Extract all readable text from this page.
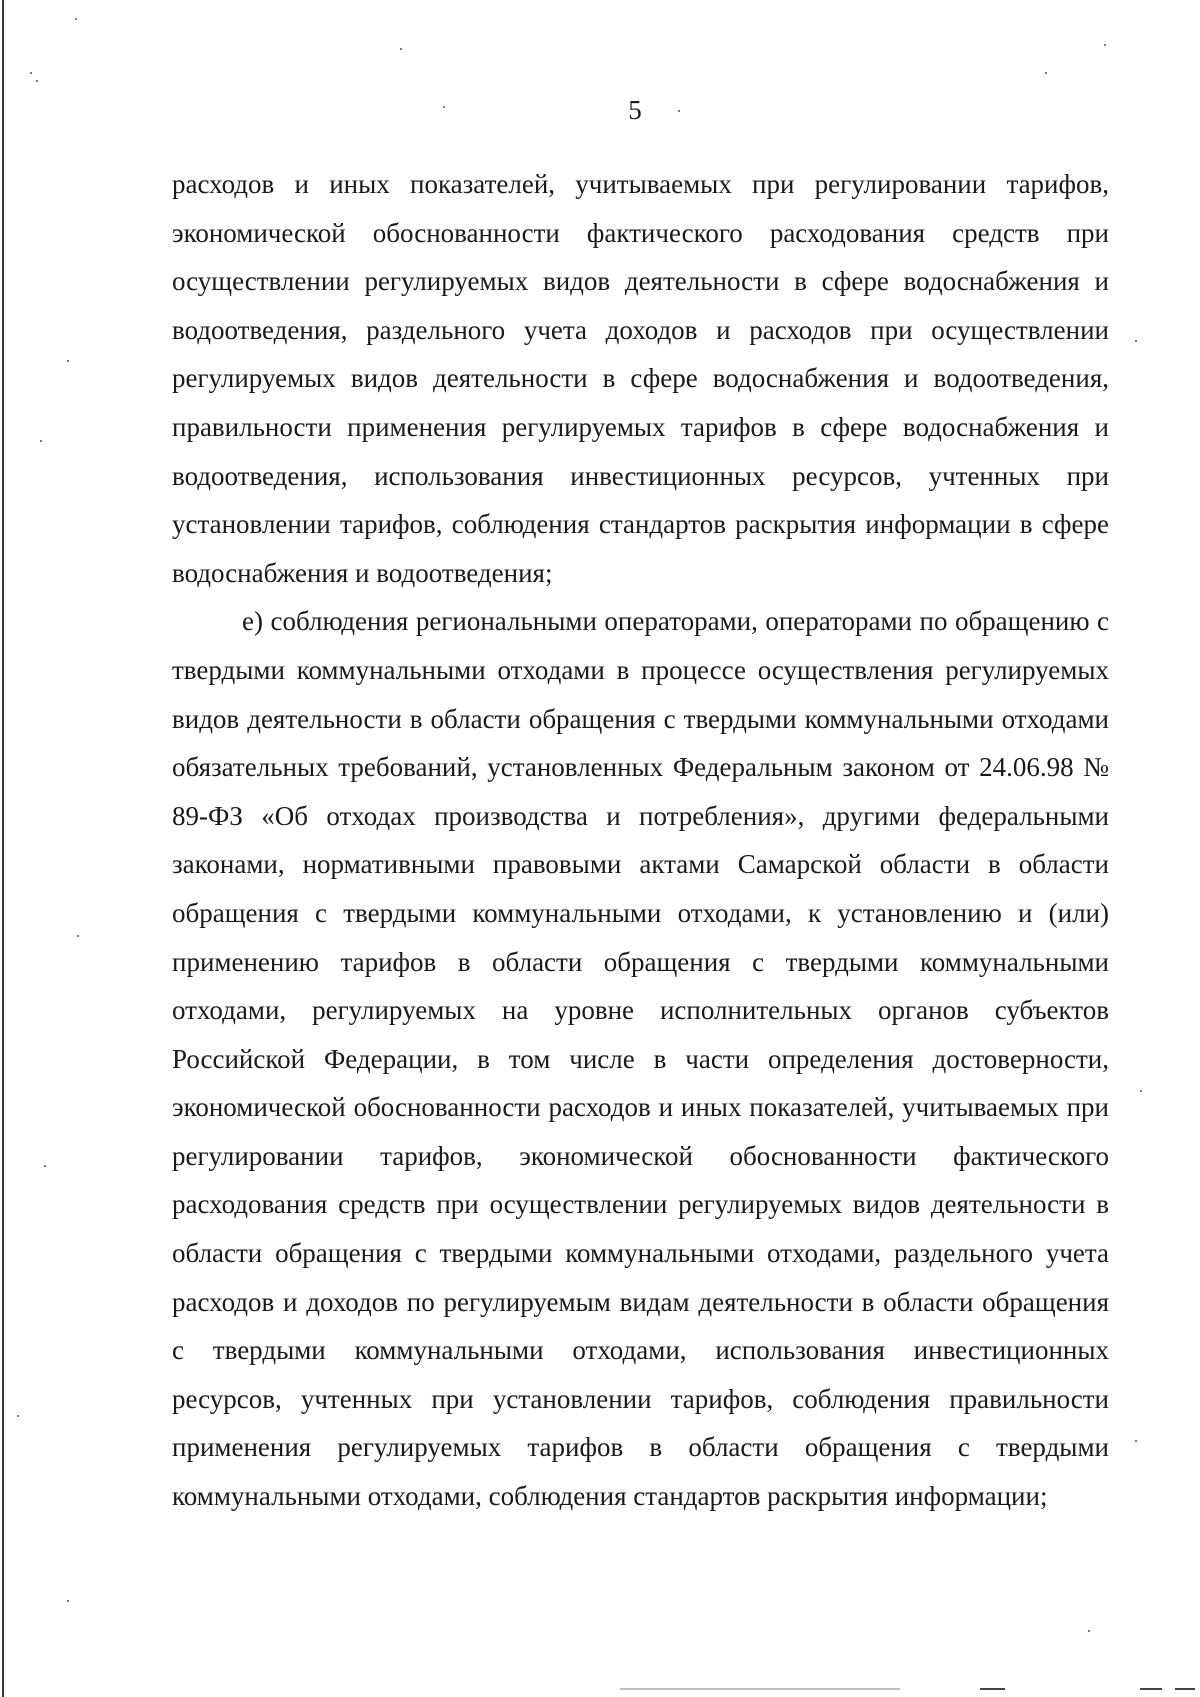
5

расходов и иных показателей, учитываемых при регулировании тарифов, экономической обоснованности фактического расходования средств при осуществлении регулируемых видов деятельности в сфере водоснабжения и водоотведения, раздельного учета доходов и расходов при осуществлении регулируемых видов деятельности в сфере водоснабжения и водоотведения, правильности применения регулируемых тарифов в сфере водоснабжения и водоотведения, использования инвестиционных ресурсов, учтенных при установлении тарифов, соблюдения стандартов раскрытия информации в сфере водоснабжения и водоотведения;

е) соблюдения региональными операторами, операторами по обращению с твердыми коммунальными отходами в процессе осуществления регулируемых видов деятельности в области обращения с твердыми коммунальными отходами обязательных требований, установленных Федеральным законом от 24.06.98 № 89-ФЗ «Об отходах производства и потребления», другими федеральными законами, нормативными правовыми актами Самарской области в области обращения с твердыми коммунальными отходами, к установлению и (или) применению тарифов в области обращения с твердыми коммунальными отходами, регулируемых на уровне исполнительных органов субъектов Российской Федерации, в том числе в части определения достоверности, экономической обоснованности расходов и иных показателей, учитываемых при регулировании тарифов, экономической обоснованности фактического расходования средств при осуществлении регулируемых видов деятельности в области обращения с твердыми коммунальными отходами, раздельного учета расходов и доходов по регулируемым видам деятельности в области обращения с твердыми коммунальными отходами, использования инвестиционных ресурсов, учтенных при установлении тарифов, соблюдения правильности применения регулируемых тарифов в области обращения с твердыми коммунальными отходами, соблюдения стандартов раскрытия информации;
